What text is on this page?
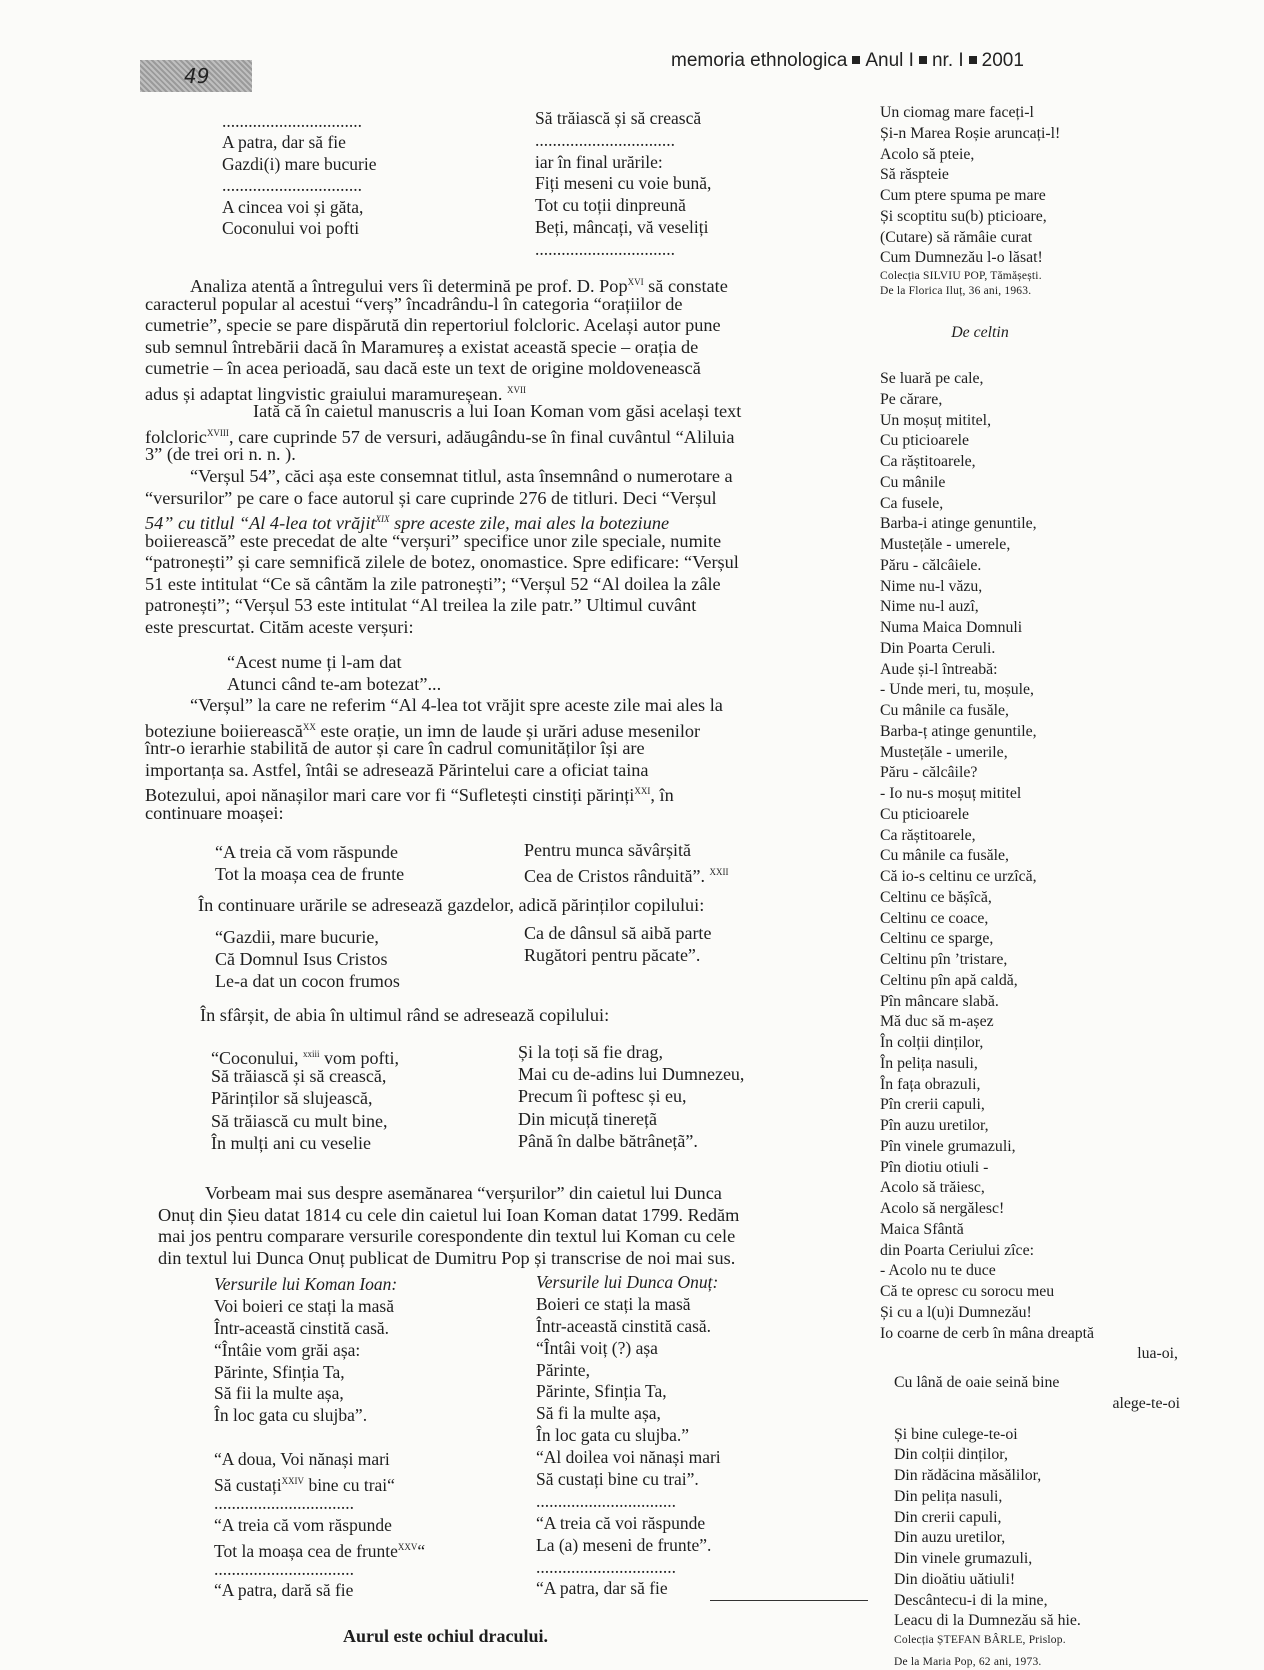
49
memoria ethnologica Anul I nr. I 2001
................................
A patra, dar să fie
Gazdi(i) mare bucurie
................................
A cincea voi și găta,
Coconului voi pofti
Să trăiască și să crească
................................
iar în final urările:
Fiți meseni cu voie bună,
Tot cu toții dinpreună
Beți, mâncați, vă veseliți
................................
Analiza atentă a întregului vers îi determină pe prof. D. Pop$^{XVI}$ să constate
caracterul popular al acestui “verș” încadrându-l în categoria “orațiilor de
cumetrie”, specie se pare dispărută din repertoriul folcloric. Același autor pune
sub semnul întrebării dacă în Maramureș a existat această specie – orația de
cumetrie – în acea perioadă, sau dacă este un text de origine moldovenească
adus și adaptat lingvistic graiului maramureșean. $^{XVII}$
Iată că în caietul manuscris a lui Ioan Koman vom găsi același text
folcloric$^{XVIII}$, care cuprinde 57 de versuri, adăugându-se în final cuvântul “Aliluia
3” (de trei ori n. n. ).
“Verșul 54”, căci așa este consemnat titlul, asta însemnând o numerotare a
“versurilor” pe care o face autorul și care cuprinde 276 de titluri. Deci “Verșul
54” cu titlul “Al 4-lea tot vrăjit$^{XIX}$ spre aceste zile, mai ales la boteziune
boiierească” este precedat de alte “verșuri” specifice unor zile speciale, numite
“patronești” și care semnifică zilele de botez, onomastice. Spre edificare: “Verșul
51 este intitulat “Ce să cântăm la zile patronești”; “Verșul 52 “Al doilea la zâle
patronești”; “Verșul 53 este intitulat “Al treilea la zile patr.” Ultimul cuvânt
este prescurtat. Cităm aceste verșuri:
“Acest nume ți l-am dat
Atunci când te-am botezat”...
“Verșul” la care ne referim “Al 4-lea tot vrăjit spre aceste zile mai ales la
boteziune boiierească$^{XX}$ este orație, un imn de laude și urări aduse mesenilor
într-o ierarhie stabilită de autor și care în cadrul comunităților își are
importanța sa. Astfel, întâi se adresează Părintelui care a oficiat taina
Botezului, apoi nănașilor mari care vor fi “Sufletești cinstiți părinți$^{XXI}$, în
continuare moașei:
“A treia că vom răspunde
Tot la moașa cea de frunte
Pentru munca săvârșită
Cea de Cristos rânduită”. $^{XXII}$
În continuare urările se adresează gazdelor, adică părinților copilului:
“Gazdii, mare bucurie,
Că Domnul Isus Cristos
Le-a dat un cocon frumos
Ca de dânsul să aibă parte
Rugători pentru păcate”.
În sfârșit, de abia în ultimul rând se adresează copilului:
“Coconului, $^{xxiii}$ vom pofti,
Să trăiască și să crească,
Părinților să slujească,
Să trăiască cu mult bine,
În mulți ani cu veselie
Și la toți să fie drag,
Mai cu de-adins lui Dumnezeu,
Precum îi poftesc și eu,
Din micuță tinerețã
Până în dalbe bătrânețã”.
Vorbeam mai sus despre asemănarea “verșurilor” din caietul lui Dunca
Onuț din Șieu datat 1814 cu cele din caietul lui Ioan Koman datat 1799. Redăm
mai jos pentru comparare versurile corespondente din textul lui Koman cu cele
din textul lui Dunca Onuț publicat de Dumitru Pop și transcrise de noi mai sus.
Versurile lui Koman Ioan:
Voi boieri ce stați la masă
Într-această cinstită casă.
“Întâie vom grăi așa:
Părinte, Sfinția Ta,
Să fii la multe așa,
În loc gata cu slujba”.
“A doua, Voi nănași mari
Să custați$^{XXIV}$ bine cu trai“
................................
“A treia că vom răspunde
Tot la moașa cea de frunte$^{XXV}$“
................................
“A patra, dară să fie
Versurile lui Dunca Onuț:
Boieri ce stați la masă
Într-această cinstită casă.
“Întâi voiț (?) așa
Părinte,
Părinte, Sfinția Ta,
Să fi la multe așa,
În loc gata cu slujba.”
“Al doilea voi nănași mari
Să custați bine cu trai”.
................................
“A treia că voi răspunde
La (a) meseni de frunte”.
................................
“A patra, dar să fie
Un ciomag mare faceți-l
Și-n Marea Roșie aruncați-l!
Acolo să pteie,
Să răspteie
Cum ptere spuma pe mare
Și scoptitu su(b) pticioare,
(Cutare) să rămâie curat
Cum Dumnezău l-o lăsat!
Colecția SILVIU POP, Tămășești.
De la Florica Iluț, 36 ani, 1963.
De celtin
Se luară pe cale,
Pe cărare,
Un moșuț mititel,
Cu pticioarele
Ca răștitoarele,
Cu mânile
Ca fusele,
Barba-i atinge genuntile,
Mustețăle - umerele,
Păru - călcâiele.
Nime nu-l văzu,
Nime nu-l auzî,
Numa Maica Domnuli
Din Poarta Ceruli.
Aude și-l întreabă:
- Unde meri, tu, moșule,
Cu mânile ca fusăle,
Barba-ț atinge genuntile,
Mustețăle - umerile,
Păru - călcâile?
- Io nu-s moșuț mititel
Cu pticioarele
Ca răștitoarele,
Cu mânile ca fusăle,
Că io-s celtinu ce urzîcă,
Celtinu ce bășîcă,
Celtinu ce coace,
Celtinu ce sparge,
Celtinu pîn ’tristare,
Celtinu pîn apă caldă,
Pîn mâncare slabă.
Mă duc să m-așez
În colții dinților,
În pelița nasuli,
În fața obrazuli,
Pîn crerii capuli,
Pîn auzu uretilor,
Pîn vinele grumazuli,
Pîn diotiu otiuli -
Acolo să trăiesc,
Acolo să nergălesc!
Maica Sfântă
din Poarta Ceriului zîce:
- Acolo nu te duce
Că te opresc cu sorocu meu
Și cu a l(u)i Dumnezău!
Io coarne de cerb în mâna dreaptă
lua-oi,
Cu lână de oaie seină bine
alege-te-oi
Și bine culege-te-oi
Din colții dinților,
Din rădăcina măsălilor,
Din pelița nasuli,
Din crerii capuli,
Din auzu uretilor,
Din vinele grumazuli,
Din dioătiu uătiuli!
Descântecu-i di la mine,
Leacu di la Dumnezău să hie.
Colecția ȘTEFAN BÂRLE, Prislop.
De la Maria Pop, 62 ani, 1973.
Aurul este ochiul dracului.
